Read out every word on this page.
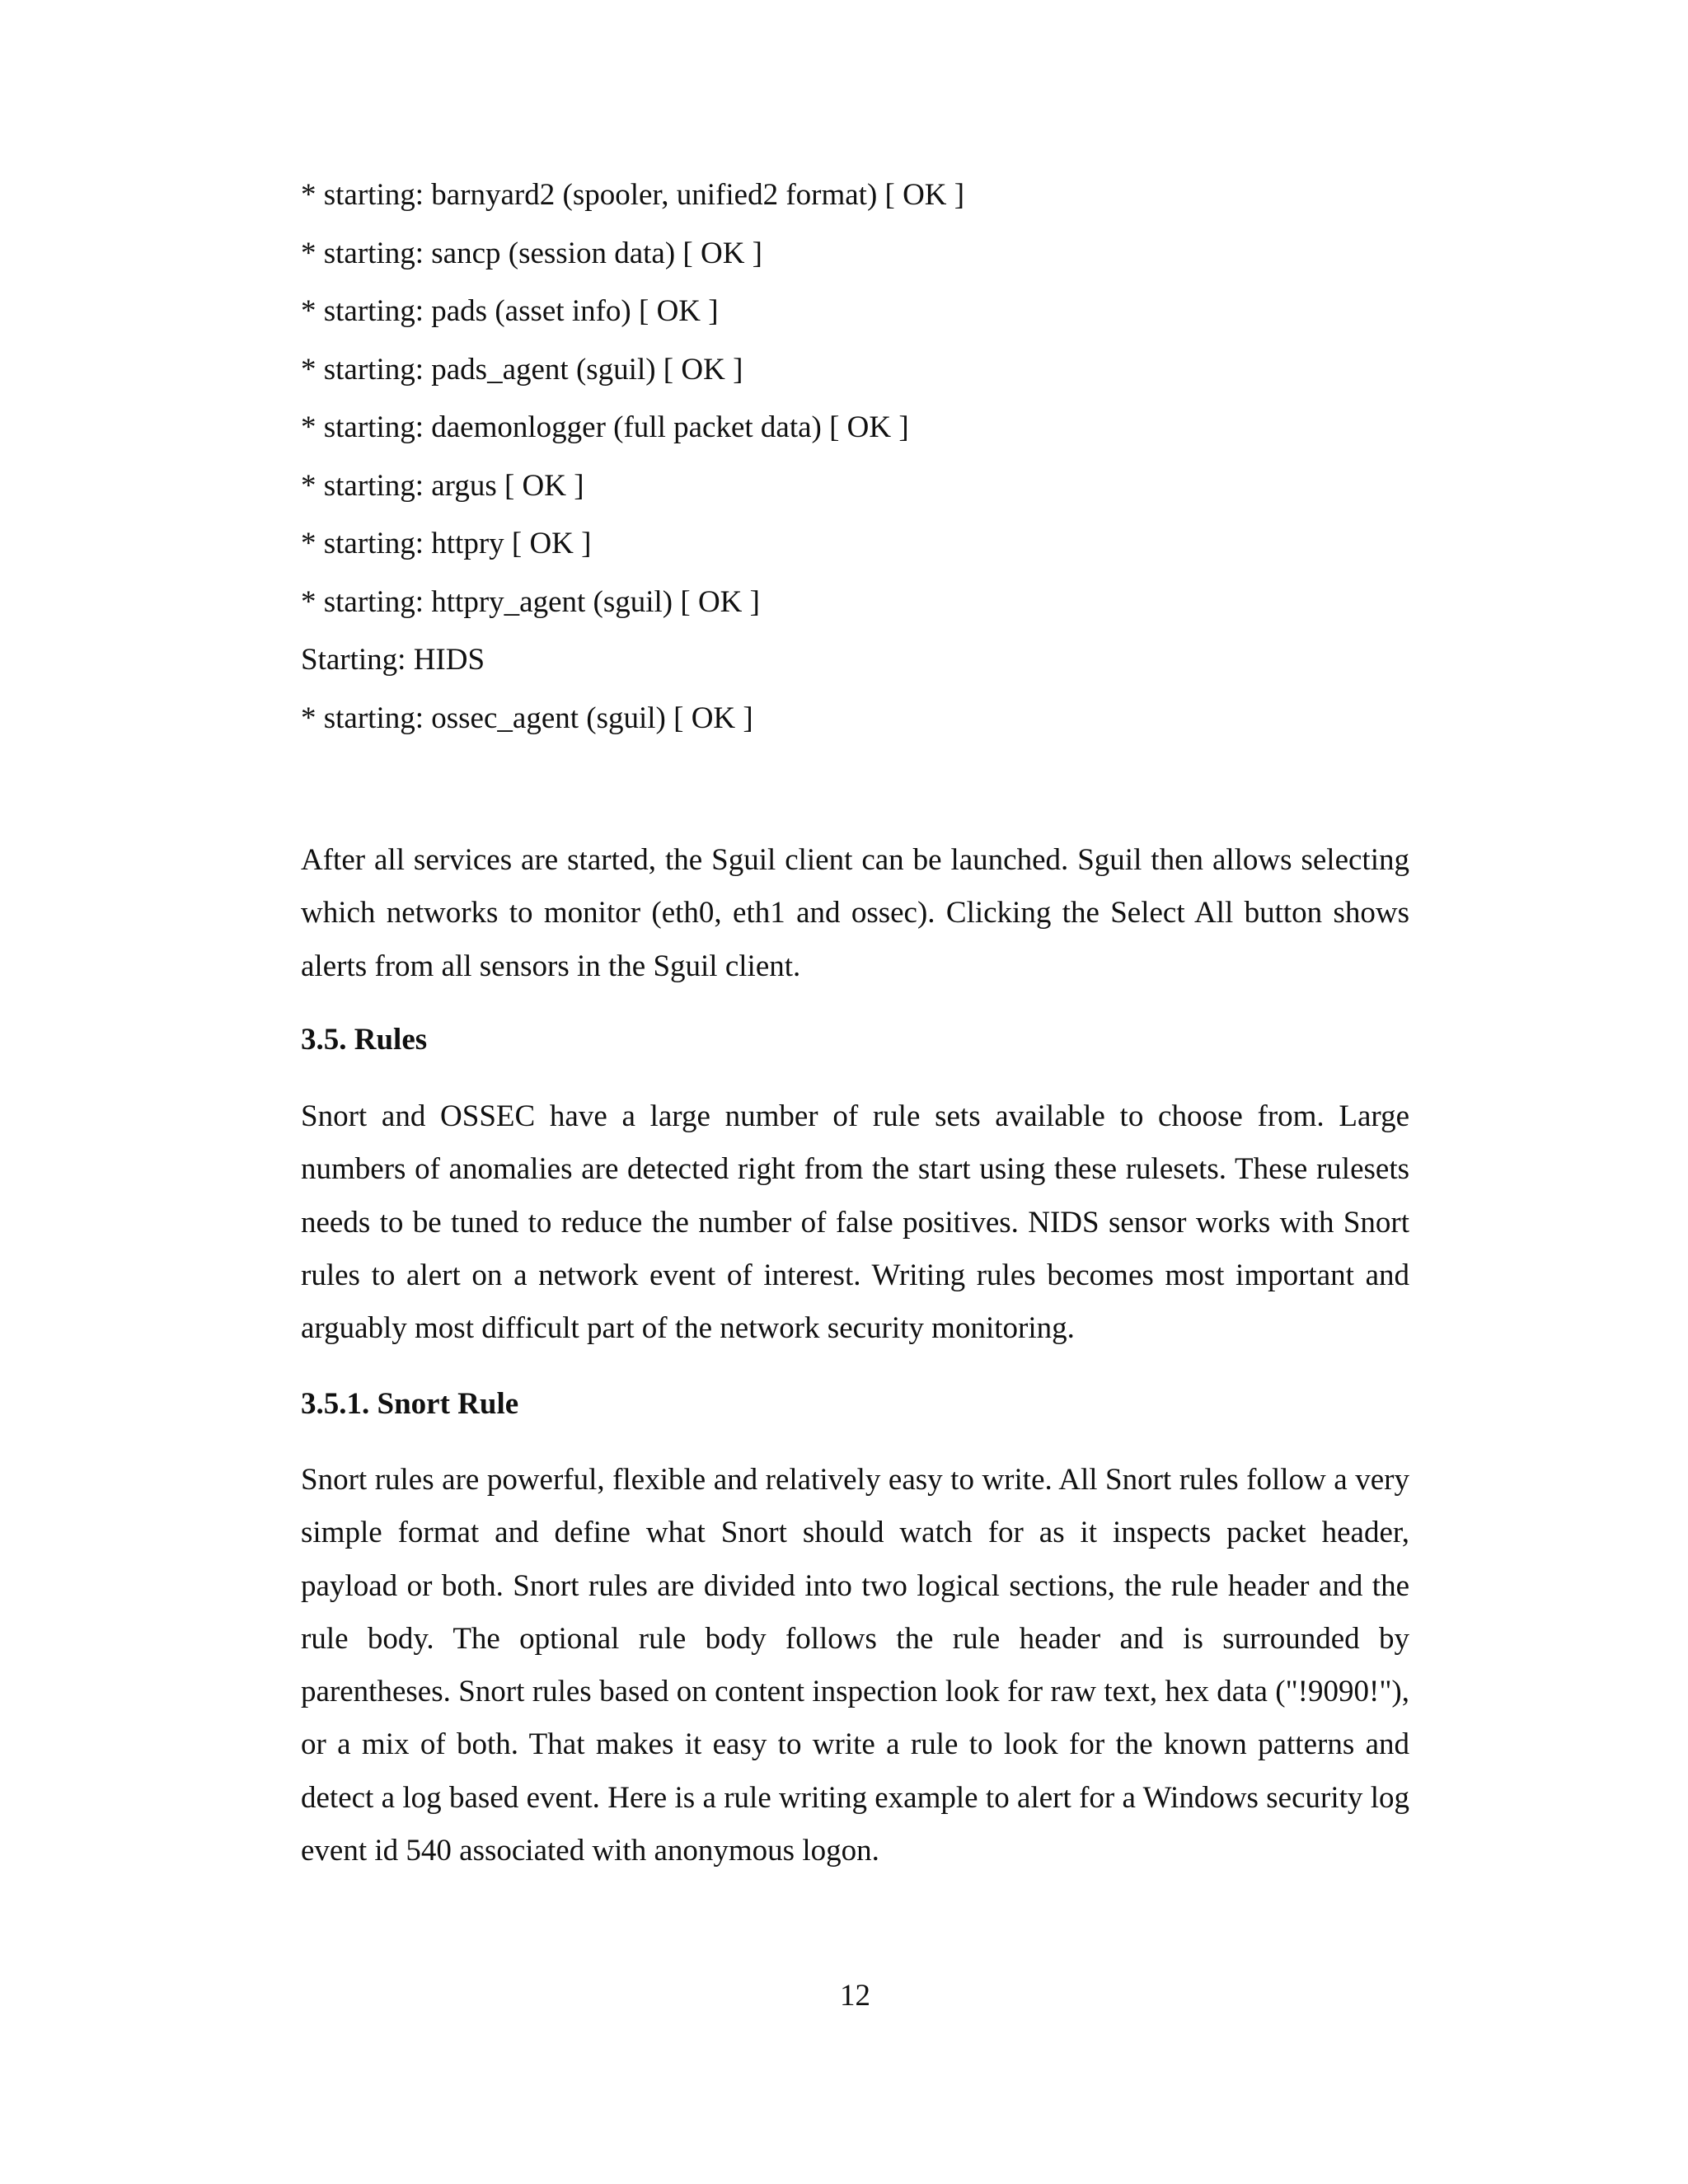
* starting: barnyard2 (spooler, unified2 format) [ OK ]
* starting: sancp (session data) [ OK ]
* starting: pads (asset info) [ OK ]
* starting: pads_agent (sguil) [ OK ]
* starting: daemonlogger (full packet data) [ OK ]
* starting: argus [ OK ]
* starting: httpry [ OK ]
* starting: httpry_agent (sguil) [ OK ]
Starting: HIDS
* starting: ossec_agent (sguil) [ OK ]

After all services are started, the Sguil client can be launched. Sguil then allows selecting which networks to monitor (eth0, eth1 and ossec). Clicking the Select All button shows alerts from all sensors in the Sguil client.

3.5. Rules

Snort and OSSEC have a large number of rule sets available to choose from. Large numbers of anomalies are detected right from the start using these rulesets. These rulesets needs to be tuned to reduce the number of false positives. NIDS sensor works with Snort rules to alert on a network event of interest. Writing rules becomes most important and arguably most difficult part of the network security monitoring.

3.5.1. Snort Rule

Snort rules are powerful, flexible and relatively easy to write. All Snort rules follow a very simple format and define what Snort should watch for as it inspects packet header, payload or both. Snort rules are divided into two logical sections, the rule header and the rule body. The optional rule body follows the rule header and is surrounded by parentheses. Snort rules based on content inspection look for raw text, hex data ("!9090!"), or a mix of both. That makes it easy to write a rule to look for the known patterns and detect a log based event. Here is a rule writing example to alert for a Windows security log event id 540 associated with anonymous logon.

12
